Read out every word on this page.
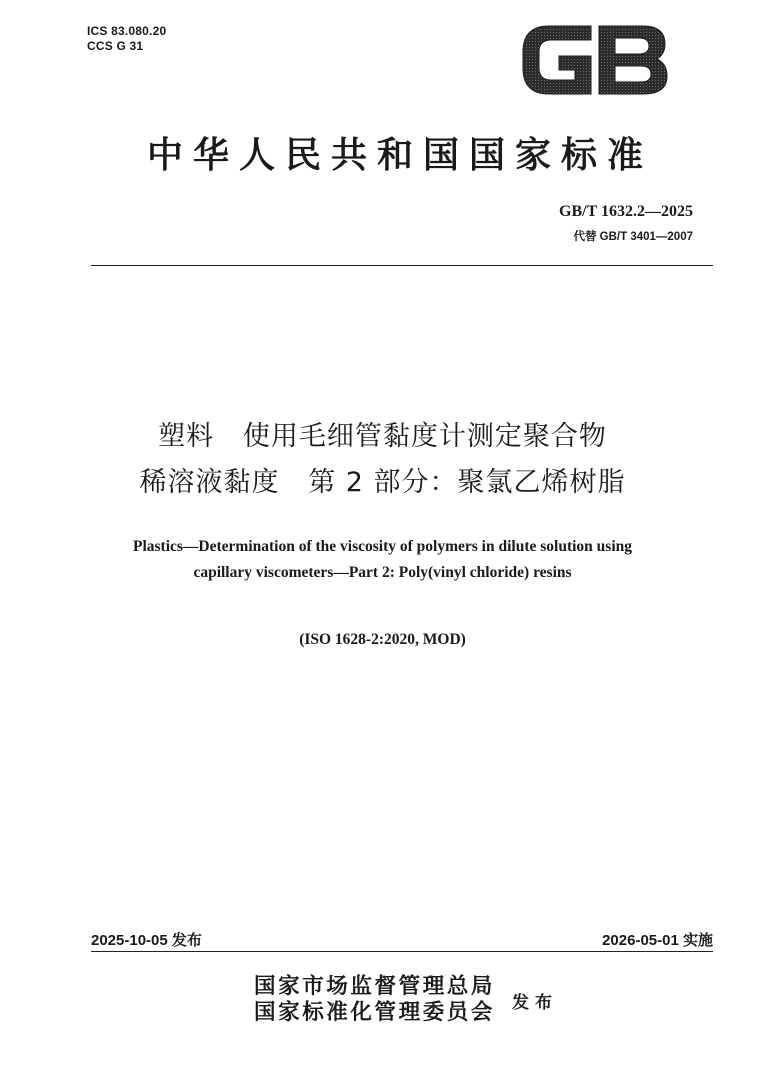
ICS 83.080.20
CCS G 31
中华人民共和国国家标准
GB/T 1632.2—2025
代替 GB/T 3401—2007
塑料   使用毛细管黏度计测定聚合物
稀溶液黏度   第 2 部分：聚氯乙烯树脂
Plastics—Determination of the viscosity of polymers in dilute solution using
capillary viscometers—Part 2: Poly(vinyl chloride) resins
(ISO 1628-2:2020, MOD)
2025-10-05 发布	2026-05-01 实施
国家市场监督管理总局
国家标准化管理委员会 发布
